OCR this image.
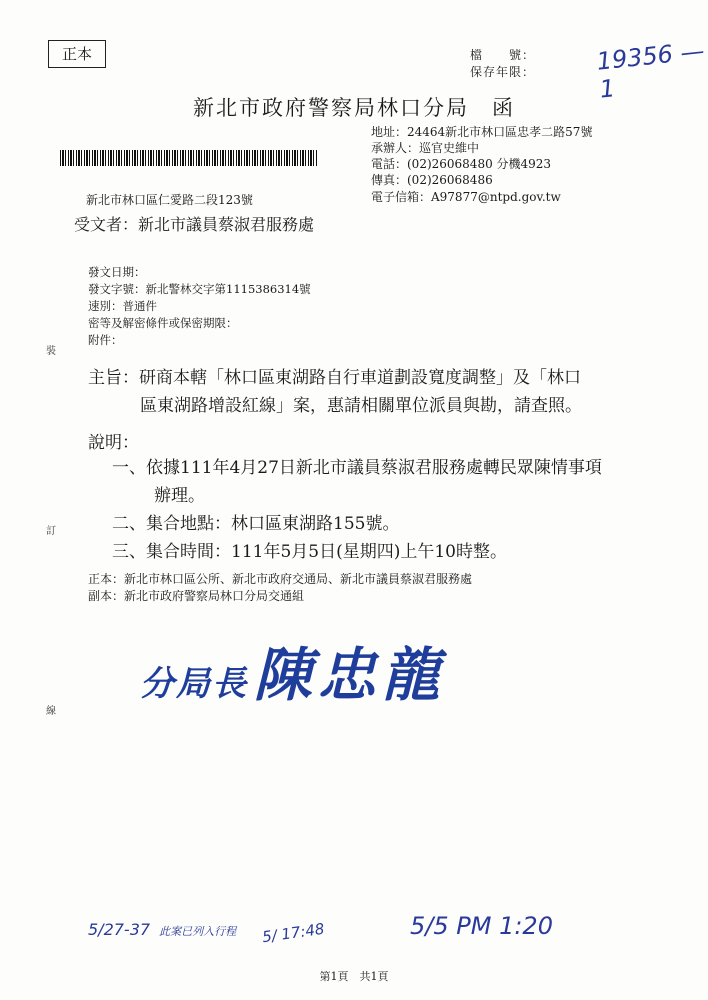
正本	檔　　號：
保存年限：	19356 —1
新北市政府警察局林口分局　函
地址：24464新北市林口區忠孝二路57號
承辦人：巡官史維中
電話：(02)26068480 分機4923
傳真：(02)26068486
電子信箱：A97877@ntpd.gov.tw
新北市林口區仁愛路二段123號
受文者：新北市議員蔡淑君服務處
發文日期：
發文字號：新北警林交字第1115386314號
速別：普通件
密等及解密條件或保密期限：
附件：
裝
訂
線
主旨：研商本轄「林口區東湖路自行車道劃設寬度調整」及「林口
區東湖路增設紅線」案，惠請相關單位派員與勘，請查照。
說明：
一、依據111年4月27日新北市議員蔡淑君服務處轉民眾陳情事項
辦理。
二、集合地點：林口區東湖路155號。
三、集合時間：111年5月5日(星期四)上午10時整。
正本：新北市林口區公所、新北市政府交通局、新北市議員蔡淑君服務處
副本：新北市政府警察局林口分局交通組
分局長 陳忠龍
5/27-37 此案已列入行程 5/ 17:48	5/5 PM 1:20
第1頁　共1頁
